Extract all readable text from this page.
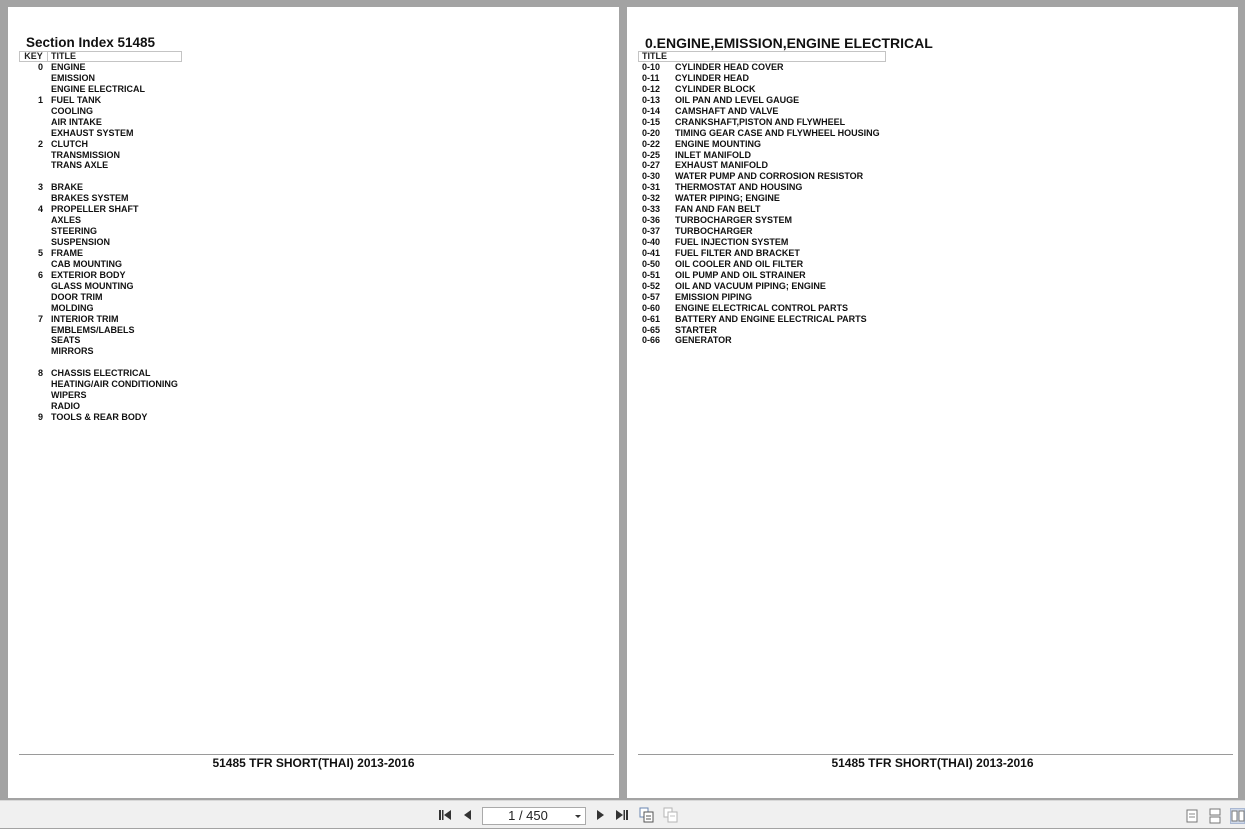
Section Index 51485
KEY TITLE
0 ENGINE
EMISSION
ENGINE ELECTRICAL
1 FUEL TANK
COOLING
AIR INTAKE
EXHAUST SYSTEM
2 CLUTCH
TRANSMISSION
TRANS AXLE
3 BRAKE
BRAKES SYSTEM
4 PROPELLER SHAFT
AXLES
STEERING
SUSPENSION
5 FRAME
CAB MOUNTING
6 EXTERIOR BODY
GLASS MOUNTING
DOOR TRIM
MOLDING
7 INTERIOR TRIM
EMBLEMS/LABELS
SEATS
MIRRORS
8 CHASSIS ELECTRICAL
HEATING/AIR CONDITIONING
WIPERS
RADIO
9 TOOLS & REAR BODY
51485 TFR SHORT(THAI) 2013-2016
0.ENGINE,EMISSION,ENGINE ELECTRICAL
TITLE
0-10	CYLINDER HEAD COVER
0-11	CYLINDER HEAD
0-12	CYLINDER BLOCK
0-13	OIL PAN AND LEVEL GAUGE
0-14	CAMSHAFT AND VALVE
0-15	CRANKSHAFT,PISTON AND FLYWHEEL
0-20	TIMING GEAR CASE AND FLYWHEEL HOUSING
0-22	ENGINE MOUNTING
0-25	INLET MANIFOLD
0-27	EXHAUST MANIFOLD
0-30	WATER PUMP AND CORROSION RESISTOR
0-31	THERMOSTAT AND HOUSING
0-32	WATER PIPING; ENGINE
0-33	FAN AND FAN BELT
0-36	TURBOCHARGER SYSTEM
0-37	TURBOCHARGER
0-40	FUEL INJECTION SYSTEM
0-41	FUEL FILTER AND BRACKET
0-50	OIL COOLER AND OIL FILTER
0-51	OIL PUMP AND OIL STRAINER
0-52	OIL AND VACUUM PIPING; ENGINE
0-57	EMISSION PIPING
0-60	ENGINE ELECTRICAL CONTROL PARTS
0-61	BATTERY AND ENGINE ELECTRICAL PARTS
0-65	STARTER
0-66	GENERATOR
51485 TFR SHORT(THAI) 2013-2016
1 / 450
